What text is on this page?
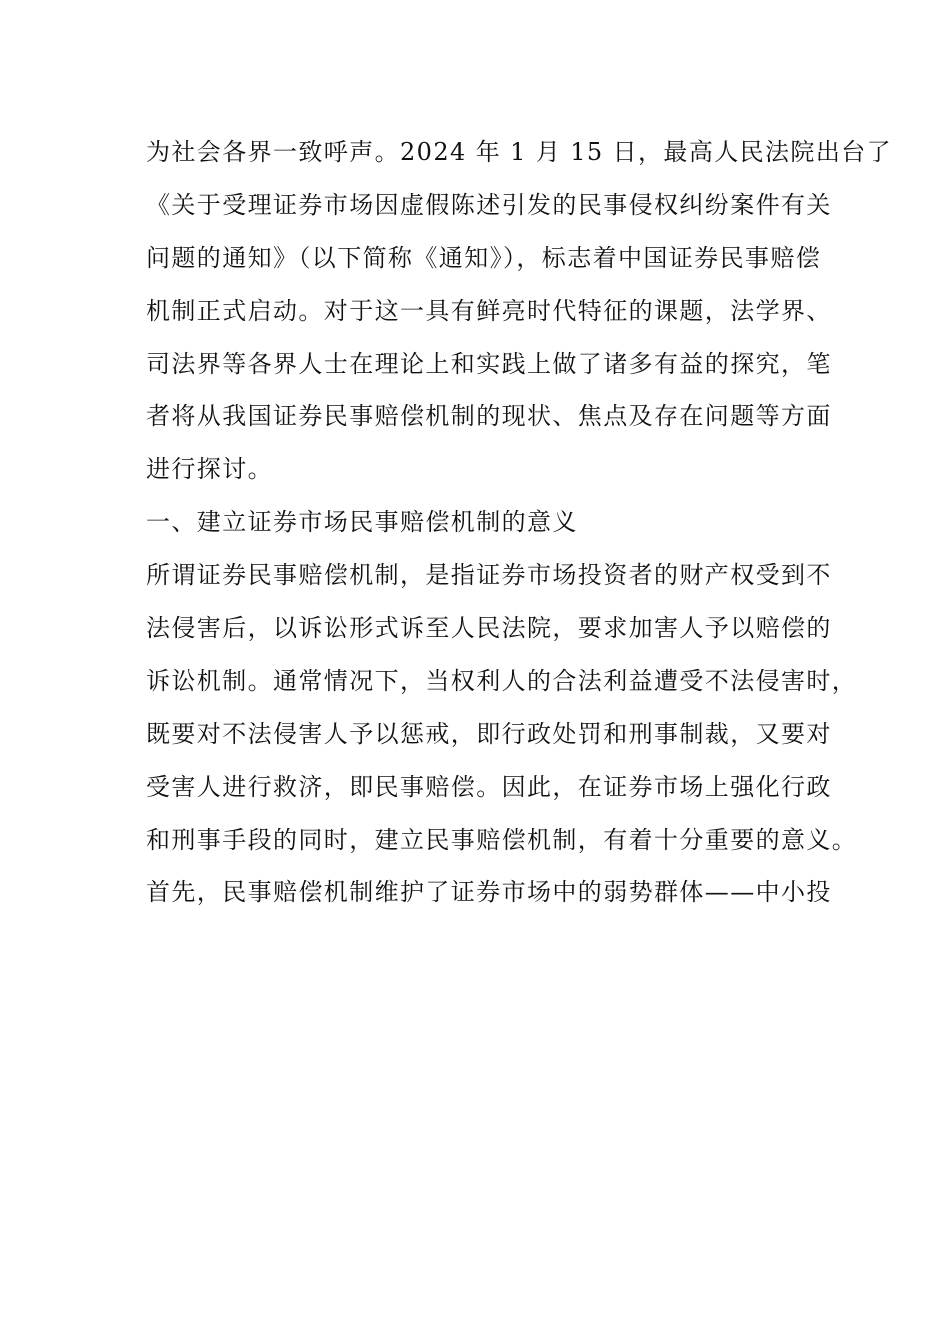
为社会各界一致呼声。2024 年 1 月 15 日，最高人民法院出台了
《关于受理证券市场因虚假陈述引发的民事侵权纠纷案件有关
问题的通知》（以下简称《通知》），标志着中国证券民事赔偿
机制正式启动。对于这一具有鲜亮时代特征的课题，法学界、
司法界等各界人士在理论上和实践上做了诸多有益的探究，笔
者将从我国证券民事赔偿机制的现状、焦点及存在问题等方面
进行探讨。
一、建立证券市场民事赔偿机制的意义
所谓证券民事赔偿机制，是指证券市场投资者的财产权受到不
法侵害后，以诉讼形式诉至人民法院，要求加害人予以赔偿的
诉讼机制。通常情况下，当权利人的合法利益遭受不法侵害时，
既要对不法侵害人予以惩戒，即行政处罚和刑事制裁，又要对
受害人进行救济，即民事赔偿。因此，在证券市场上强化行政
和刑事手段的同时，建立民事赔偿机制，有着十分重要的意义。
首先，民事赔偿机制维护了证券市场中的弱势群体——中小投
